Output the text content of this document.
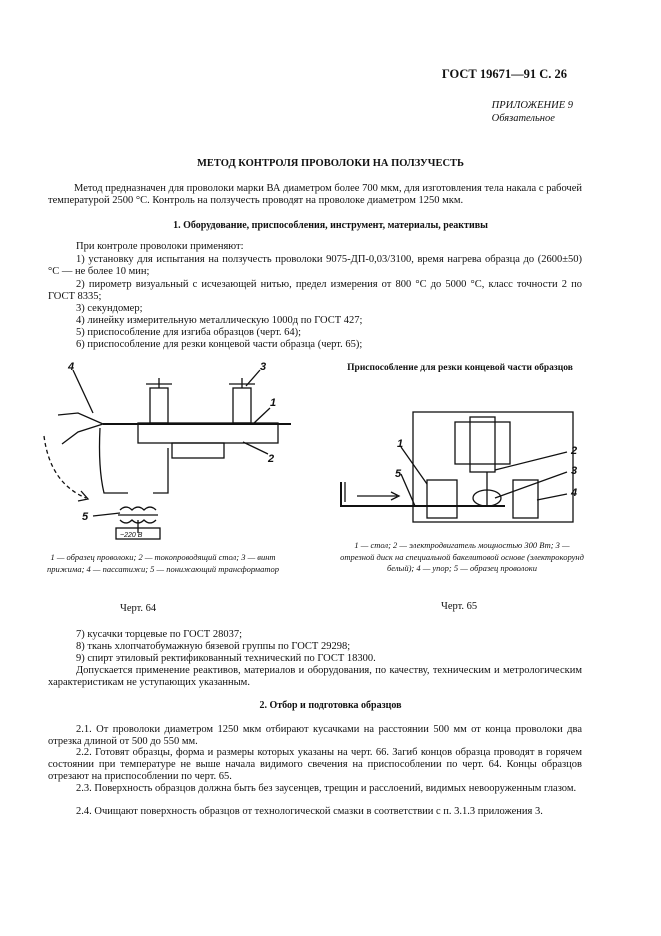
ГОСТ 19671—91 С. 26
ПРИЛОЖЕНИЕ 9
Обязательное
МЕТОД КОНТРОЛЯ ПРОВОЛОКИ НА ПОЛЗУЧЕСТЬ
Метод предназначен для проволоки марки ВА диаметром более 700 мкм, для изготовления тела накала с рабочей температурой 2500 °С. Контроль на ползучесть проводят на проволоке диаметром 1250 мкм.
1. Оборудование, приспособления, инструмент, материалы, реактивы
При контроле проволоки применяют:
1) установку для испытания на ползучесть проволоки 9075-ДП-0,03/3100, время нагрева образца до (2600±50) °С — не более 10 мин;
2) пирометр визуальный с исчезающей нитью, предел измерения от 800 °С до 5000 °С, класс точности 2 по ГОСТ 8335;
3) секундомер;
4) линейку измерительную металлическую 1000д по ГОСТ 427;
5) приспособление для изгиба образцов (черт. 64);
6) приспособление для резки концевой части образца (черт. 65);
4	3
1
2
5
~220 В
1 — образец проволоки; 2 — токопроводящий стол; 3 — винт прижима; 4 — пассатижи; 5 — понижающий трансформатор
Черт. 64
Приспособление для резки концевой части образцов
1
2
3
4
5
1 — стол; 2 — электродвигатель мощностью 300 Вт; 3 — отрезной диск на специальной бакелитовой основе (электрокорунд белый); 4 — упор; 5 — образец проволоки
Черт. 65
7) кусачки торцевые по ГОСТ 28037;
8) ткань хлопчатобумажную бязевой группы по ГОСТ 29298;
9) спирт этиловый ректификованный технический по ГОСТ 18300.
Допускается применение реактивов, материалов и оборудования, по качеству, техническим и метрологическим характеристикам не уступающих указанным.
2. Отбор и подготовка образцов
2.1. От проволоки диаметром 1250 мкм отбирают кусачками на расстоянии 500 мм от конца проволоки два отрезка длиной от 500 до 550 мм.
2.2. Готовят образцы, форма и размеры которых указаны на черт. 66. Загиб концов образца проводят в горячем состоянии при температуре не выше начала видимого свечения на приспособлении по черт. 64. Концы образцов отрезают на приспособлении по черт. 65.
2.3. Поверхность образцов должна быть без заусенцев, трещин и расслоений, видимых невооруженным глазом.
2.4. Очищают поверхность образцов от технологической смазки в соответствии с п. 3.1.3 приложения 3.
